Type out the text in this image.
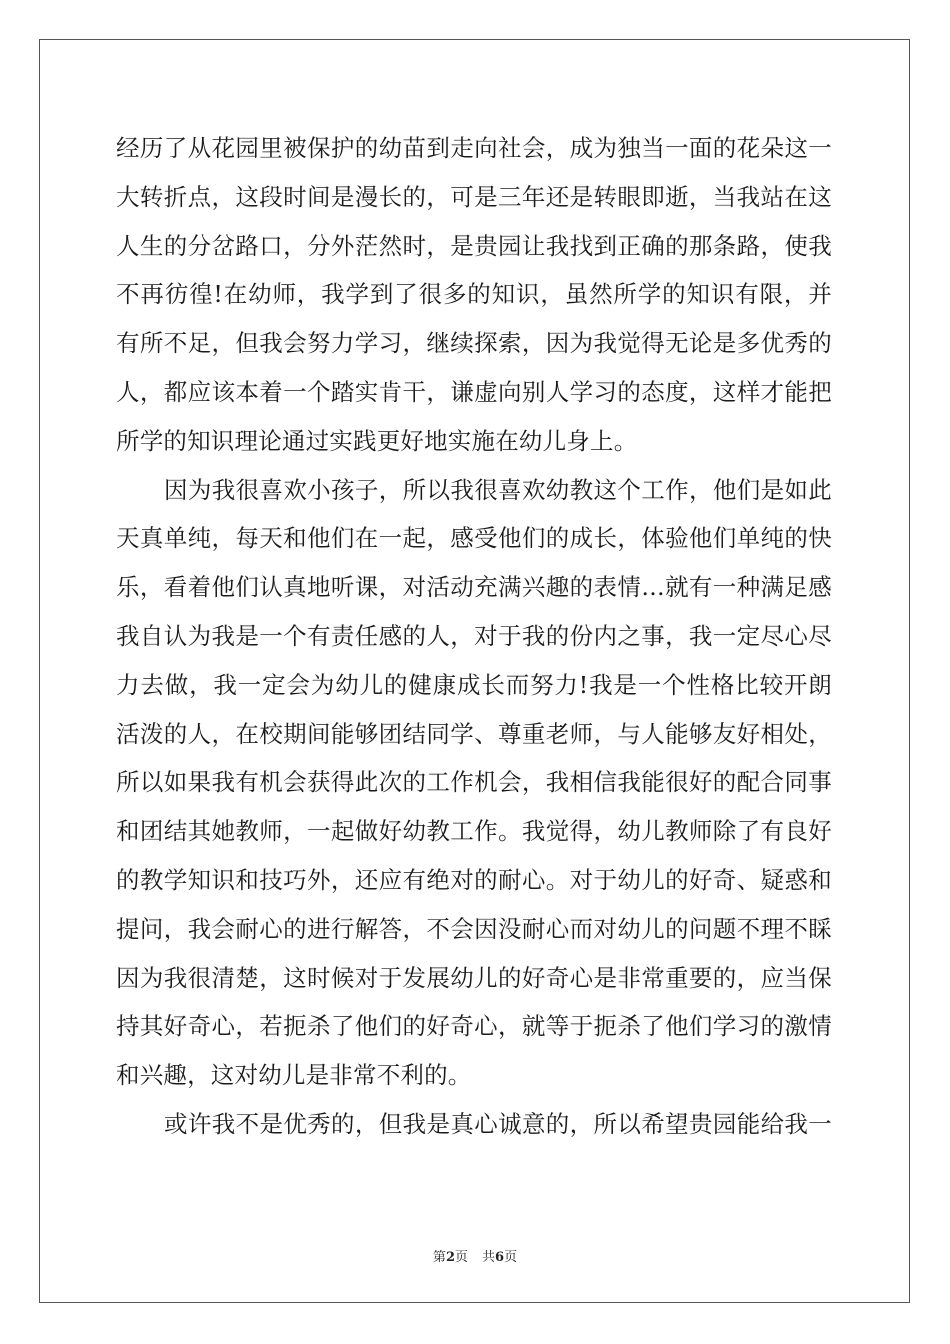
经历了从花园里被保护的幼苗到走向社会，成为独当一面的花朵这一
大转折点，这段时间是漫长的，可是三年还是转眼即逝，当我站在这
人生的分岔路口，分外茫然时，是贵园让我找到正确的那条路，使我
不再彷徨!在幼师，我学到了很多的知识，虽然所学的知识有限，并
有所不足，但我会努力学习，继续探索，因为我觉得无论是多优秀的
人，都应该本着一个踏实肯干，谦虚向别人学习的态度，这样才能把
所学的知识理论通过实践更好地实施在幼儿身上。
因为我很喜欢小孩子，所以我很喜欢幼教这个工作，他们是如此
天真单纯，每天和他们在一起，感受他们的成长，体验他们单纯的快
乐，看着他们认真地听课，对活动充满兴趣的表情…就有一种满足感
我自认为我是一个有责任感的人，对于我的份内之事，我一定尽心尽
力去做，我一定会为幼儿的健康成长而努力!我是一个性格比较开朗
活泼的人，在校期间能够团结同学、尊重老师，与人能够友好相处，
所以如果我有机会获得此次的工作机会，我相信我能很好的配合同事
和团结其她教师，一起做好幼教工作。我觉得，幼儿教师除了有良好
的教学知识和技巧外，还应有绝对的耐心。对于幼儿的好奇、疑惑和
提问，我会耐心的进行解答，不会因没耐心而对幼儿的问题不理不睬
因为我很清楚，这时候对于发展幼儿的好奇心是非常重要的，应当保
持其好奇心，若扼杀了他们的好奇心，就等于扼杀了他们学习的激情
和兴趣，这对幼儿是非常不利的。
或许我不是优秀的，但我是真心诚意的，所以希望贵园能给我一
第2页 共6页
